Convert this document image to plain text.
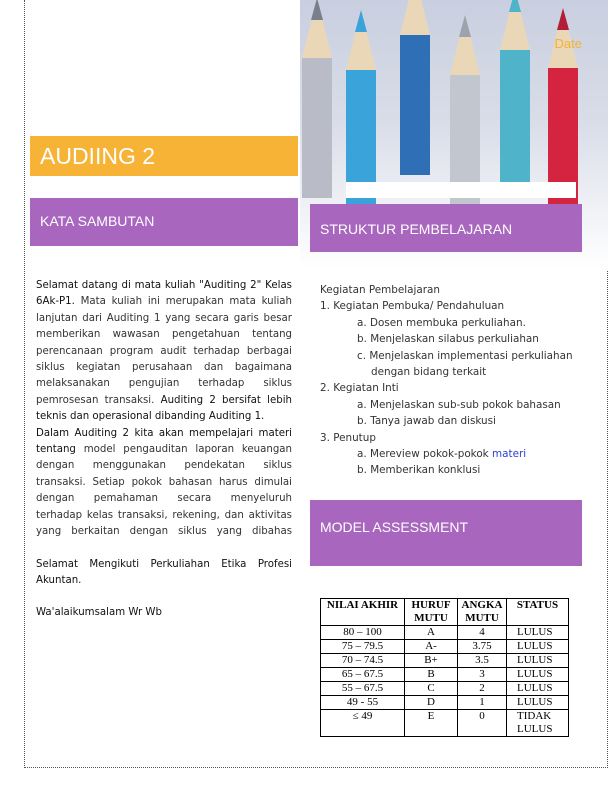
Date
AUDIING 2
KATA SAMBUTAN	STRUKTUR PEMBELAJARAN
MODEL ASSESSMENT

Selamat datang di mata kuliah "Auditing 2" Kelas 6Ak-P1. Mata kuliah ini merupakan mata kuliah lanjutan dari Auditing 1 yang secara garis besar memberikan wawasan pengetahuan tentang perencanaan program audit terhadap berbagai siklus kegiatan perusahaan dan bagaimana melaksanakan pengujian terhadap siklus pemrosesan transaksi. Auditing 2 bersifat lebih teknis dan operasional dibanding Auditing 1.

Dalam Auditing 2 kita akan mempelajari materi tentang model pengauditan laporan keuangan dengan menggunakan pendekatan siklus transaksi. Setiap pokok bahasan harus dimulai dengan pemahaman secara menyeluruh terhadap kelas transaksi, rekening, dan aktivitas yang berkaitan dengan siklus yang dibahas

Selamat Mengikuti Perkuliahan Etika Profesi Akuntan.

Wa'alaikumsalam Wr Wb

Kegiatan Pembelajaran
1. Kegiatan Pembuka/ Pendahuluan
a. Dosen membuka perkuliahan.
b. Menjelaskan silabus perkuliahan
c. Menjelaskan implementasi perkuliahan
dengan bidang terkait
2. Kegiatan Inti
a. Menjelaskan sub-sub pokok bahasan
b. Tanya jawab dan diskusi
3. Penutup
a. Mereview pokok-pokok materi
b. Memberikan konklusi
NILAI AKHIR	HURUF MUTU	ANGKA MUTU	STATUS
80 – 100	A	4	LULUS
75 – 79.5	A-	3.75	LULUS
70 – 74.5	B+	3.5	LULUS
65 – 67.5	B	3	LULUS
55 – 67.5	C	2	LULUS
49 - 55	D	1	LULUS
≤ 49	E	0	TIDAK LULUS
